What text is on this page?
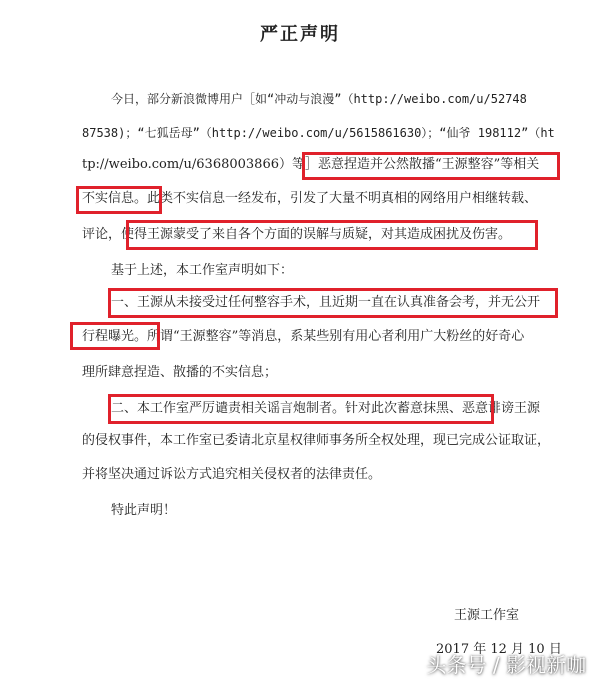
严正声明
今日，部分新浪微博用户［如“冲动与浪漫”（http://weibo.com/u/52748
87538)；“七狐岳母”（http://weibo.com/u/5615861630）；“仙爷 198112”（ht
tp://weibo.com/u/6368003866）等］恶意捏造并公然散播“王源整容”等相关
不实信息。此类不实信息一经发布，引发了大量不明真相的网络用户相继转载、
评论，使得王源蒙受了来自各个方面的误解与质疑，对其造成困扰及伤害。
基于上述，本工作室声明如下：
一、王源从未接受过任何整容手术，且近期一直在认真准备会考，并无公开
行程曝光。所谓“王源整容”等消息，系某些别有用心者利用广大粉丝的好奇心
理所肆意捏造、散播的不实信息；
二、本工作室严厉谴责相关谣言炮制者。针对此次蓄意抹黑、恶意诽谤王源
的侵权事件，本工作室已委请北京星权律师事务所全权处理，现已完成公证取证，
并将坚决通过诉讼方式追究相关侵权者的法律责任。
特此声明！
王源工作室
2017 年 12 月 10 日
头条号 / 影视新咖
